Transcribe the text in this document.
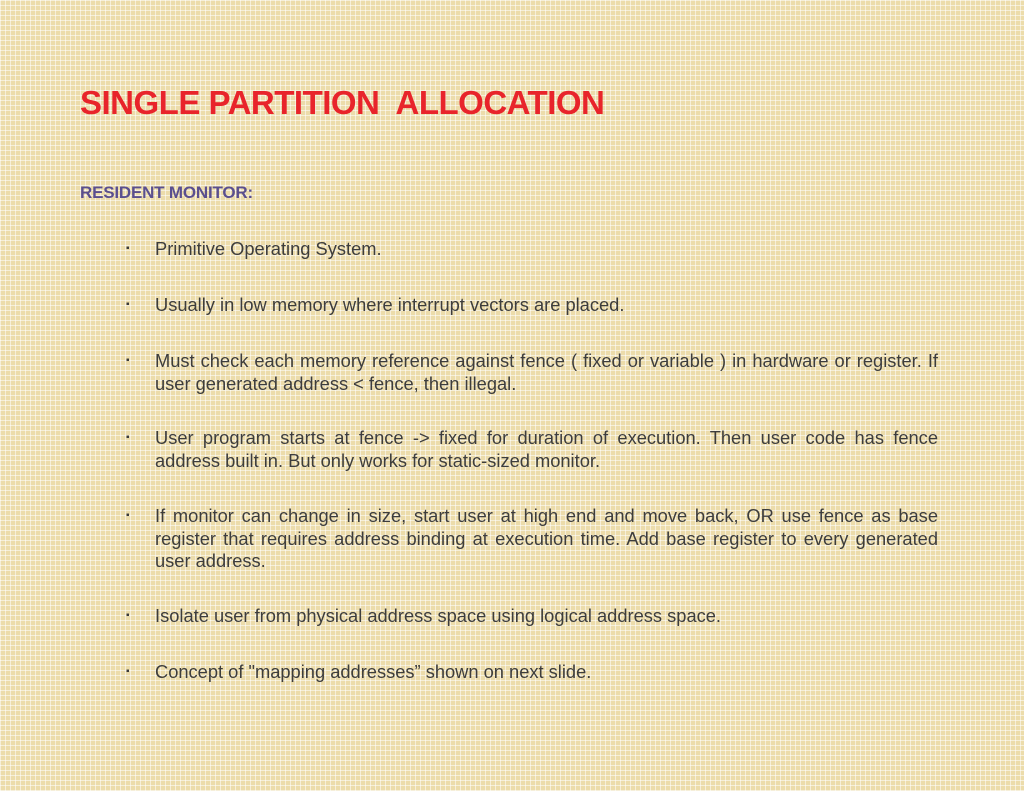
SINGLE PARTITION  ALLOCATION
RESIDENT MONITOR:
▪	Primitive Operating System.
▪	Usually in low memory where interrupt vectors are placed.
▪	Must check each memory reference against fence ( fixed or variable ) in hardware or register. If user generated address < fence, then illegal.
▪	User program starts at fence -> fixed for duration of execution. Then user code has fence address built in. But only works for static-sized monitor.
▪	If monitor can change in size, start user at high end and move back, OR use fence as base register that requires address binding at execution time. Add base register to every generated user address.
▪	Isolate user from physical address space using logical address space.
▪	Concept of "mapping addresses” shown on next slide.
